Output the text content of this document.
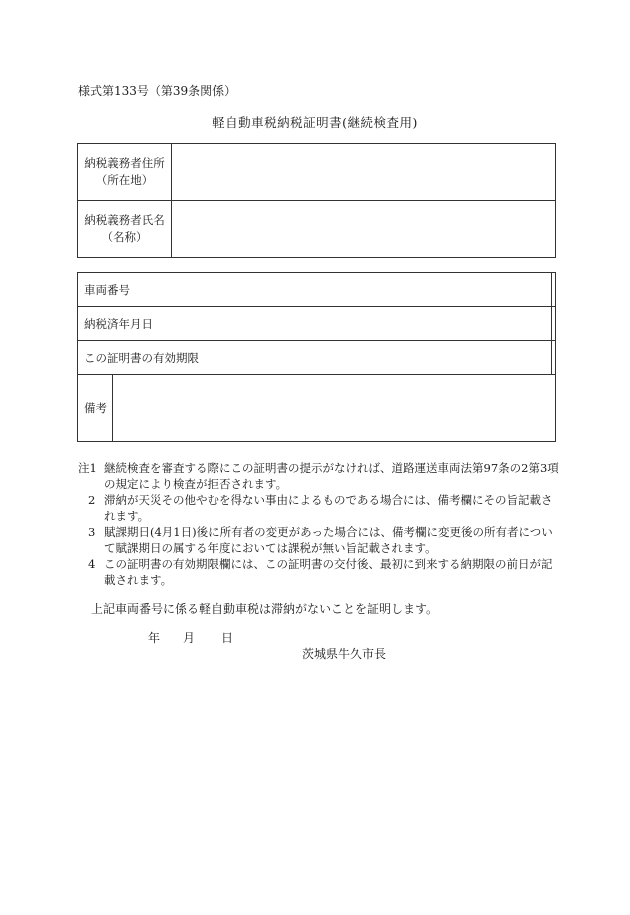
様式第133号（第39条関係）
軽自動車税納税証明書(継続検査用)
納税義務者住所
（所在地）	

納税義務者氏名
（名称）	

車両番号		
納税済年月日		
この証明書の有効期限		
備考		
注1 継続検査を審査する際にこの証明書の提示がなければ、道路運送車両法第97条の2第3項の規定により検査が拒否されます。
2 滞納が天災その他やむを得ない事由によるものである場合には、備考欄にその旨記載されます。
3 賦課期日(4月1日)後に所有者の変更があった場合には、備考欄に変更後の所有者について賦課期日の属する年度においては課税が無い旨記載されます。
4 この証明書の有効期限欄には、この証明書の交付後、最初に到来する納期限の前日が記載されます。
上記車両番号に係る軽自動車税は滞納がないことを証明します。
年 月 日
茨城県牛久市長
